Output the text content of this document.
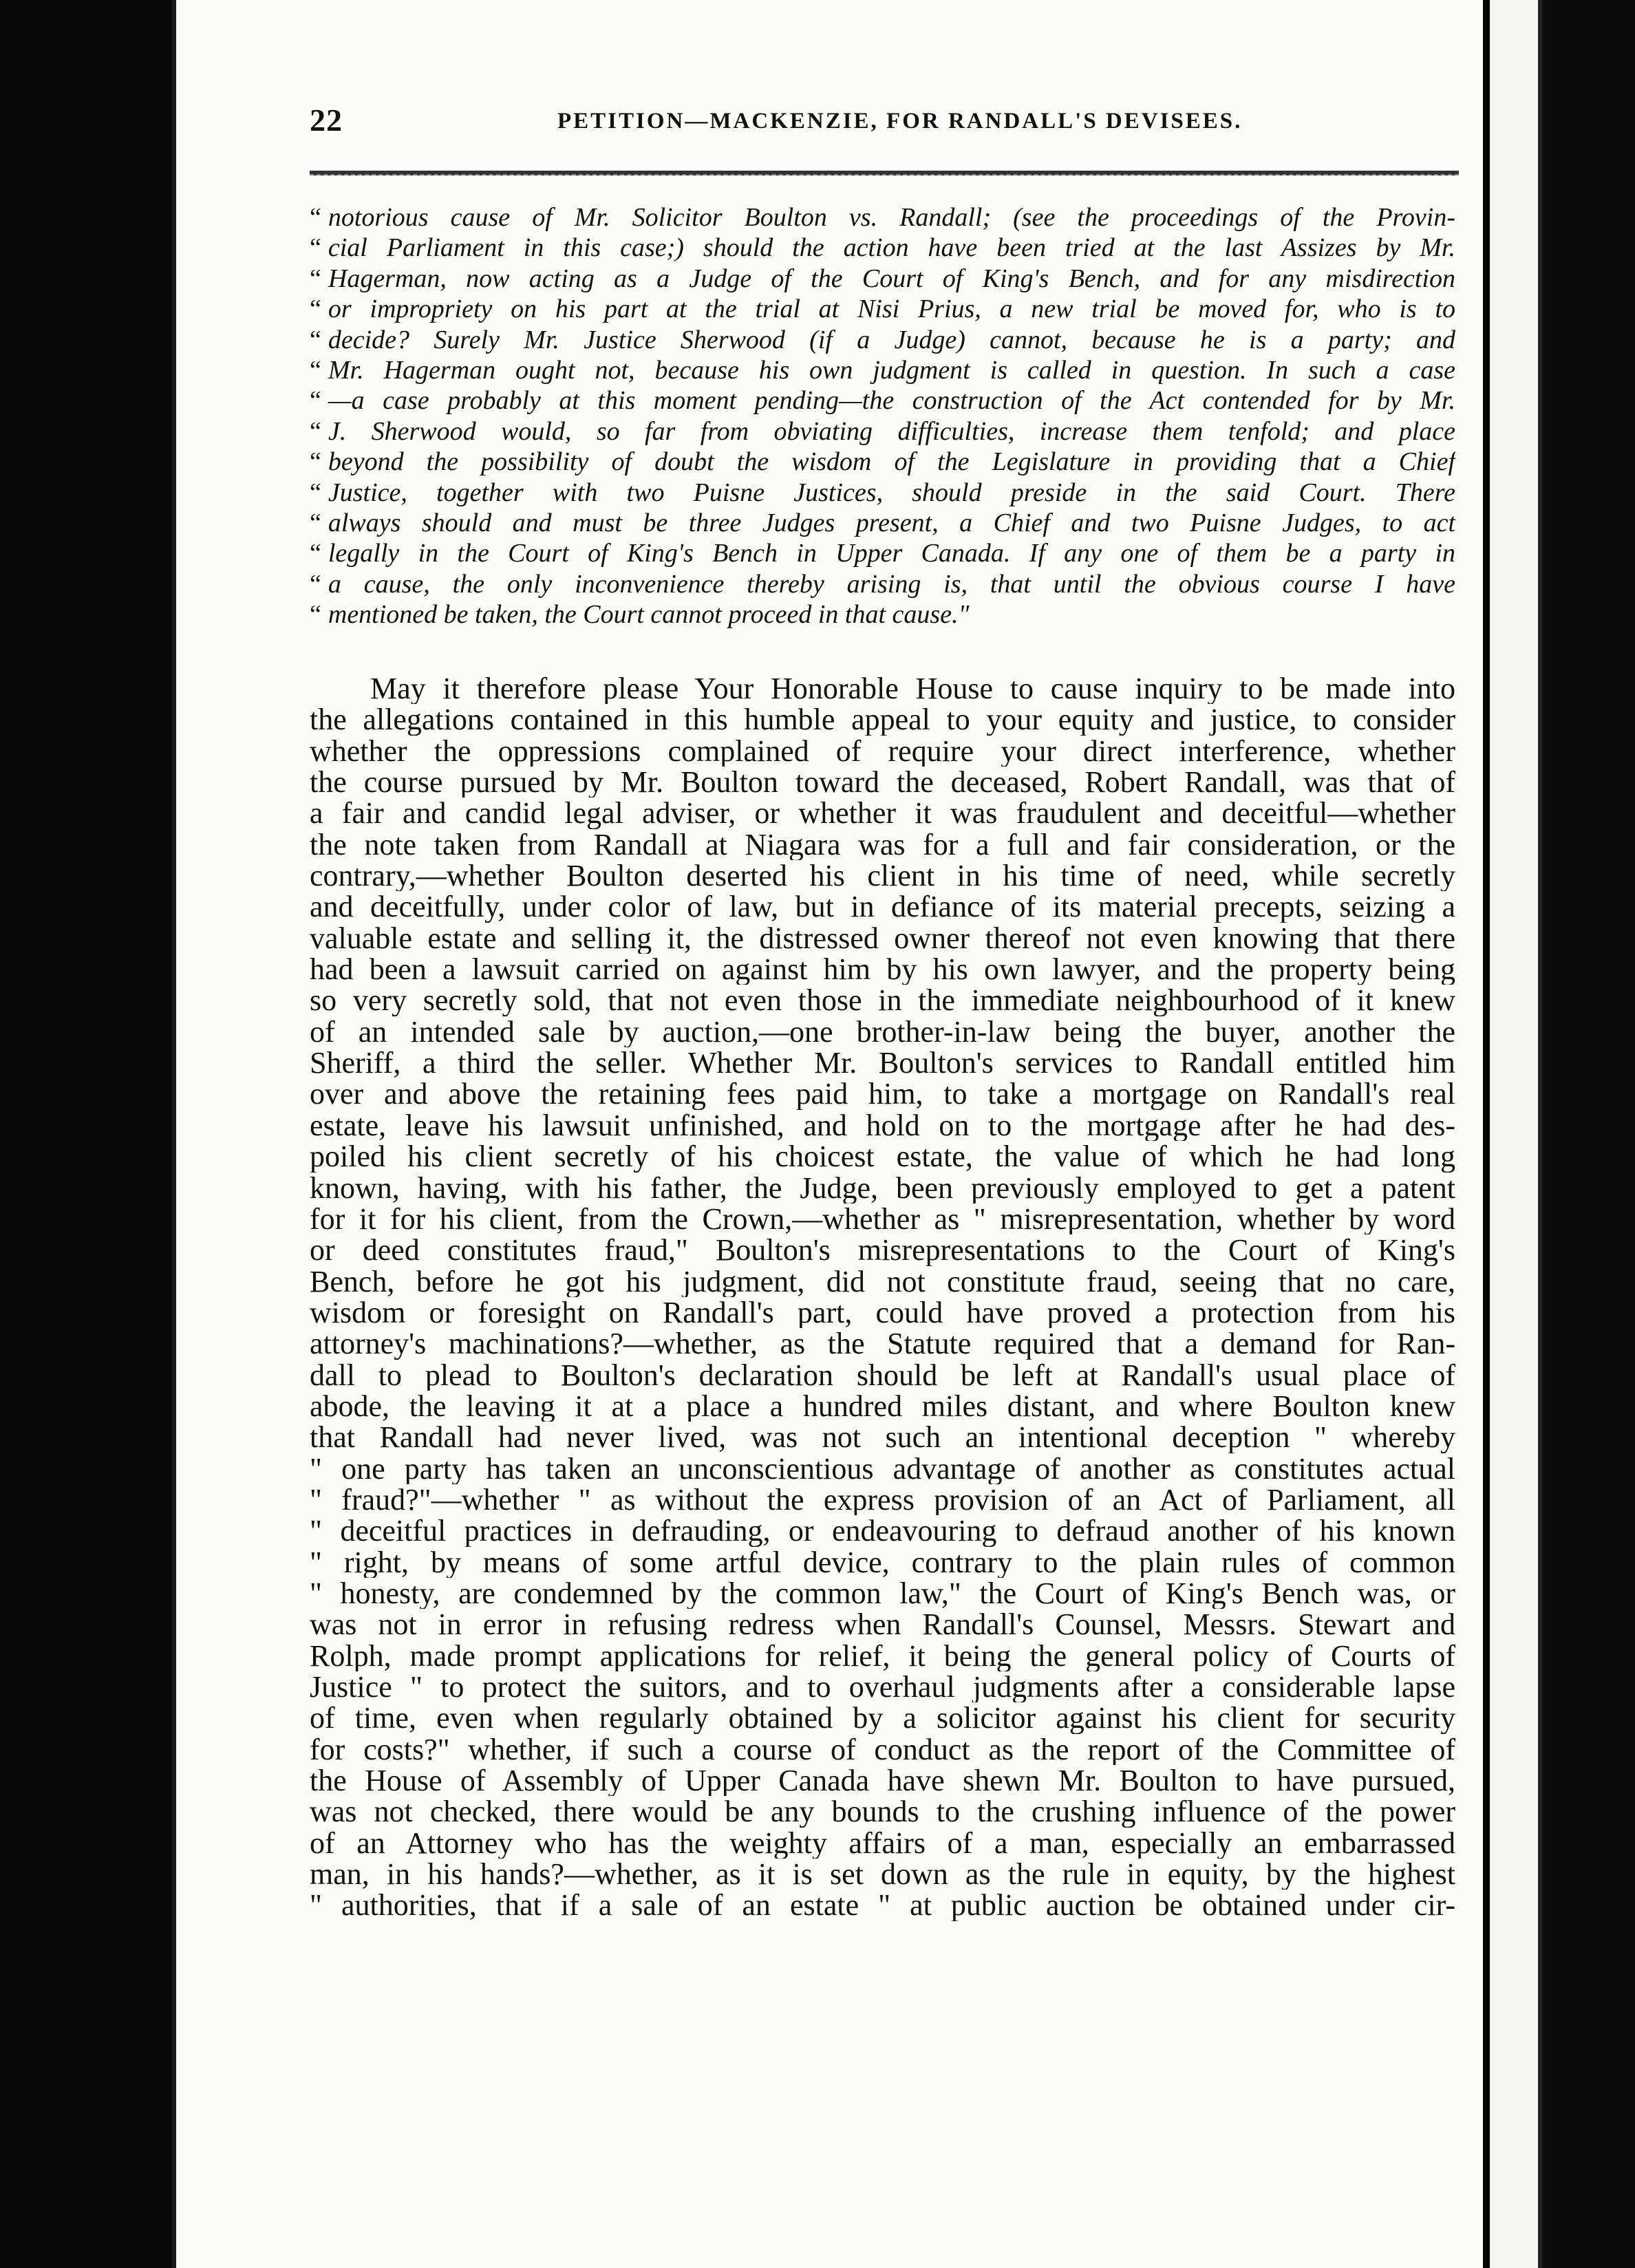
22	PETITION—MACKENZIE, FOR RANDALL'S DEVISEES.
“ notorious cause of Mr. Solicitor Boulton vs. Randall; (see the proceedings of the Provin-
“ cial Parliament in this case;) should the action have been tried at the last Assizes by Mr.
“ Hagerman, now acting as a Judge of the Court of King's Bench, and for any misdirection
“ or impropriety on his part at the trial at Nisi Prius, a new trial be moved for, who is to
“ decide? Surely Mr. Justice Sherwood (if a Judge) cannot, because he is a party; and
“ Mr. Hagerman ought not, because his own judgment is called in question. In such a case
“ —a case probably at this moment pending—the construction of the Act contended for by Mr.
“ J. Sherwood would, so far from obviating difficulties, increase them tenfold; and place
“ beyond the possibility of doubt the wisdom of the Legislature in providing that a Chief
“ Justice, together with two Puisne Justices, should preside in the said Court. There
“ always should and must be three Judges present, a Chief and two Puisne Judges, to act
“ legally in the Court of King's Bench in Upper Canada. If any one of them be a party in
“ a cause, the only inconvenience thereby arising is, that until the obvious course I have
“ mentioned be taken, the Court cannot proceed in that cause."
May it therefore please Your Honorable House to cause inquiry to be made into
the allegations contained in this humble appeal to your equity and justice, to consider
whether the oppressions complained of require your direct interference, whether
the course pursued by Mr. Boulton toward the deceased, Robert Randall, was that of
a fair and candid legal adviser, or whether it was fraudulent and deceitful—whether
the note taken from Randall at Niagara was for a full and fair consideration, or the
contrary,—whether Boulton deserted his client in his time of need, while secretly
and deceitfully, under color of law, but in defiance of its material precepts, seizing a
valuable estate and selling it, the distressed owner thereof not even knowing that there
had been a lawsuit carried on against him by his own lawyer, and the property being
so very secretly sold, that not even those in the immediate neighbourhood of it knew
of an intended sale by auction,—one brother-in-law being the buyer, another the
Sheriff, a third the seller. Whether Mr. Boulton's services to Randall entitled him
over and above the retaining fees paid him, to take a mortgage on Randall's real
estate, leave his lawsuit unfinished, and hold on to the mortgage after he had des-
poiled his client secretly of his choicest estate, the value of which he had long
known, having, with his father, the Judge, been previously employed to get a patent
for it for his client, from the Crown,—whether as " misrepresentation, whether by word
or deed constitutes fraud," Boulton's misrepresentations to the Court of King's
Bench, before he got his judgment, did not constitute fraud, seeing that no care,
wisdom or foresight on Randall's part, could have proved a protection from his
attorney's machinations?—whether, as the Statute required that a demand for Ran-
dall to plead to Boulton's declaration should be left at Randall's usual place of
abode, the leaving it at a place a hundred miles distant, and where Boulton knew
that Randall had never lived, was not such an intentional deception " whereby
" one party has taken an unconscientious advantage of another as constitutes actual
" fraud?"—whether " as without the express provision of an Act of Parliament, all
" deceitful practices in defrauding, or endeavouring to defraud another of his known
" right, by means of some artful device, contrary to the plain rules of common
" honesty, are condemned by the common law," the Court of King's Bench was, or
was not in error in refusing redress when Randall's Counsel, Messrs. Stewart and
Rolph, made prompt applications for relief, it being the general policy of Courts of
Justice " to protect the suitors, and to overhaul judgments after a considerable lapse
of time, even when regularly obtained by a solicitor against his client for security
for costs?" whether, if such a course of conduct as the report of the Committee of
the House of Assembly of Upper Canada have shewn Mr. Boulton to have pursued,
was not checked, there would be any bounds to the crushing influence of the power
of an Attorney who has the weighty affairs of a man, especially an embarrassed
man, in his hands?—whether, as it is set down as the rule in equity, by the highest
" authorities, that if a sale of an estate " at public auction be obtained under cir-
